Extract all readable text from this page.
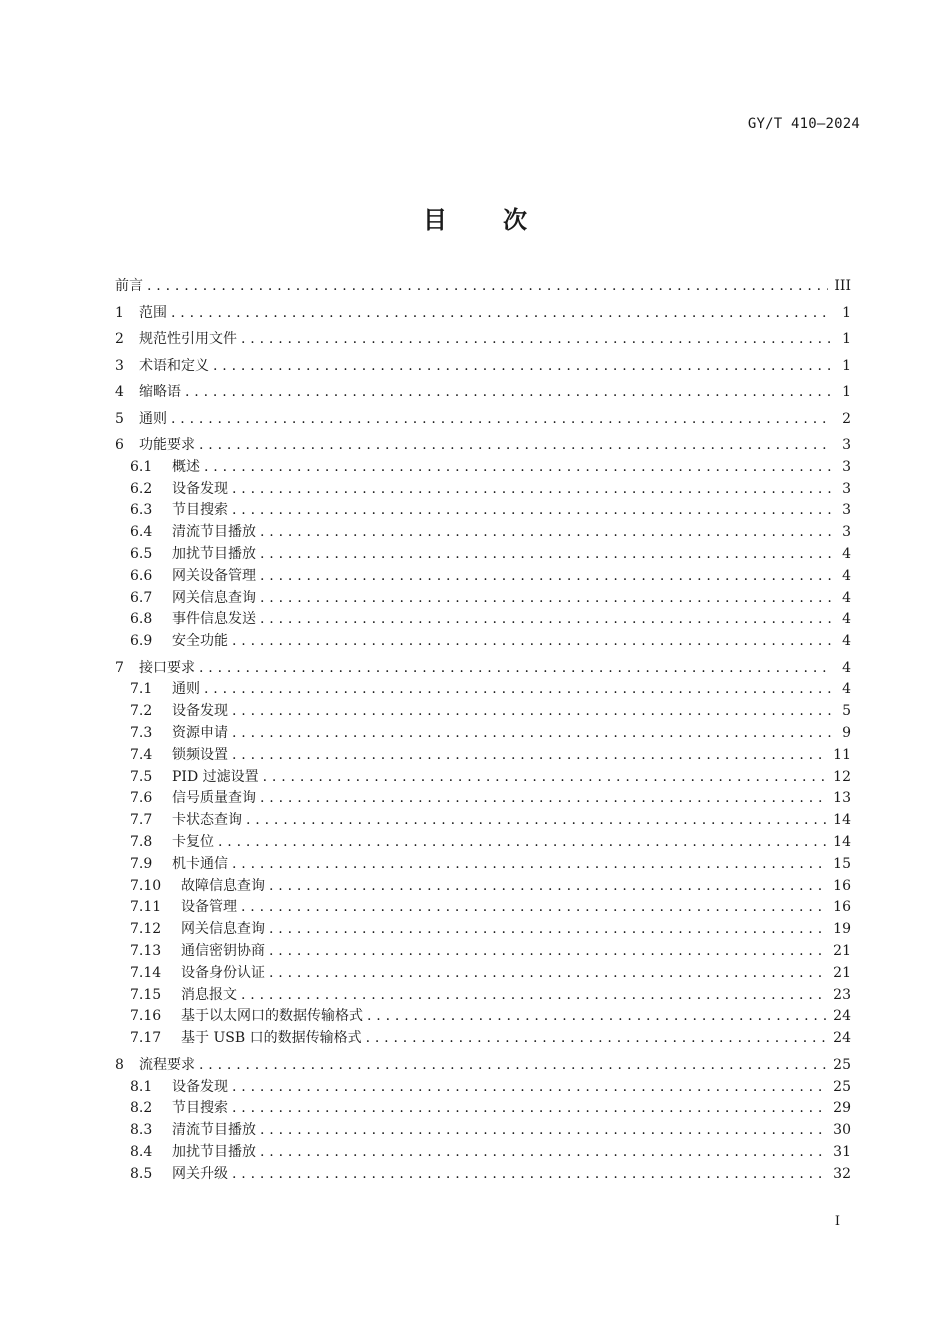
GY/T 410—2024
目 次
前言 . . .	III
1	范围 . . .	1
2	规范性引用文件 . . .	1
3	术语和定义 . . .	1
4	缩略语 . . .	1
5	通则 . . .	2
6	功能要求 . . .	3
6.1	概述 . . .	3
6.2	设备发现 . . .	3
6.3	节目搜索 . . .	3
6.4	清流节目播放 . . .	3
6.5	加扰节目播放 . . .	4
6.6	网关设备管理 . . .	4
6.7	网关信息查询 . . .	4
6.8	事件信息发送 . . .	4
6.9	安全功能 . . .	4
7	接口要求 . . .	4
7.1	通则 . . .	4
7.2	设备发现 . . .	5
7.3	资源申请 . . .	9
7.4	锁频设置 . . .	11
7.5	PID 过滤设置 . . .	12
7.6	信号质量查询 . . .	13
7.7	卡状态查询 . . .	14
7.8	卡复位 . . .	14
7.9	机卡通信 . . .	15
7.10	故障信息查询 . . .	16
7.11	设备管理 . . .	16
7.12	网关信息查询 . . .	19
7.13	通信密钥协商 . . .	21
7.14	设备身份认证 . . .	21
7.15	消息报文 . . .	23
7.16	基于以太网口的数据传输格式 . . .	24
7.17	基于 USB 口的数据传输格式 . . .	24
8	流程要求 . . .	25
8.1	设备发现 . . .	25
8.2	节目搜索 . . .	29
8.3	清流节目播放 . . .	30
8.4	加扰节目播放 . . .	31
8.5	网关升级 . . .	32
I
